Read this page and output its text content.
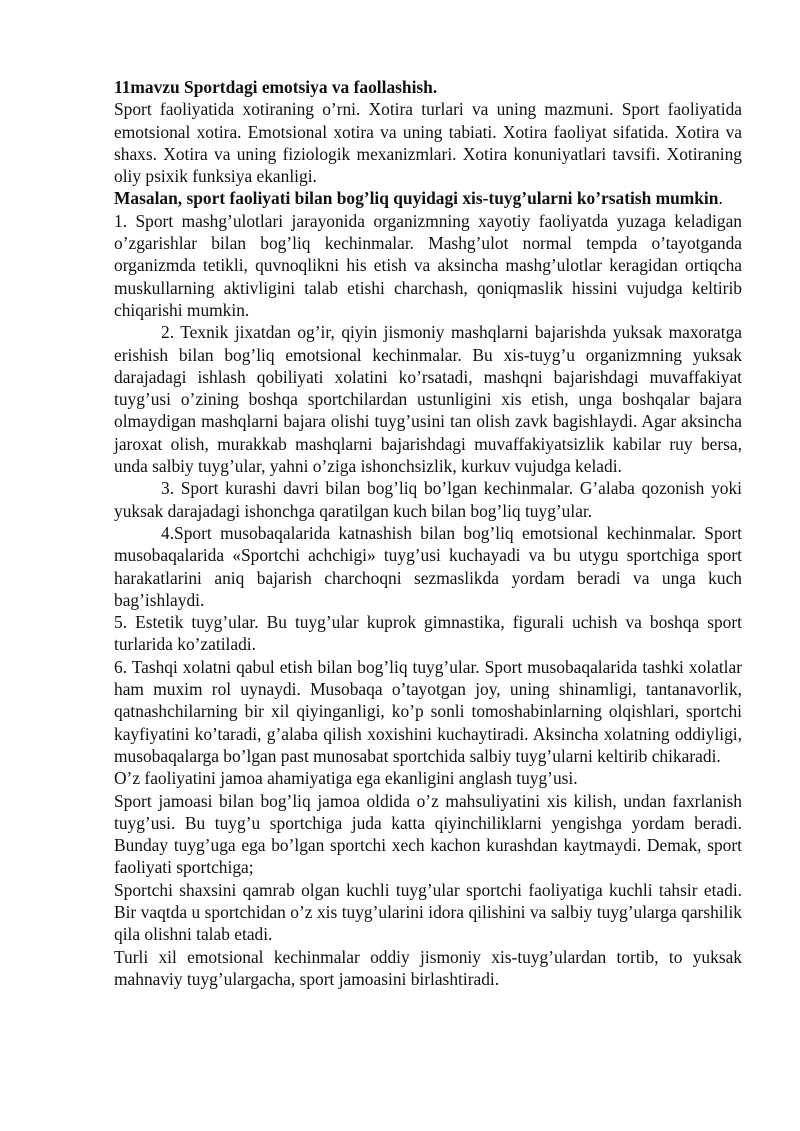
11mavzu Sportdagi emotsiya va faollashish.

Sport faoliyatida xotiraning o’rni. Xotira turlari va uning mazmuni. Sport faoliyatida emotsional xotira. Emotsional xotira va uning tabiati. Xotira faoliyat sifatida. Xotira va shaxs. Xotira va uning fiziologik mexanizmlari. Xotira konuniyatlari tavsifi. Xotiraning oliy psixik funksiya ekanligi.

Masalan, sport faoliyati bilan bog’liq quyidagi xis-tuyg’ularni ko’rsatish mumkin.

1. Sport mashg’ulotlari jarayonida organizmning xayotiy faoliyatda yuzaga keladigan o’zgarishlar bilan bog’liq kechinmalar. Mashg’ulot normal tempda o’tayotganda organizmda tetikli, quvnoqlikni his etish va aksincha mashg’ulotlar keragidan ortiqcha muskullarning aktivligini talab etishi charchash, qoniqmaslik hissini vujudga keltirib chiqarishi mumkin.

2. Texnik jixatdan og’ir, qiyin jismoniy mashqlarni bajarishda yuksak maxoratga erishish bilan bog’liq emotsional kechinmalar. Bu xis-tuyg’u organizmning yuksak darajadagi ishlash qobiliyati xolatini ko’rsatadi, mashqni bajarishdagi muvaffakiyat tuyg’usi o’zining boshqa sportchilardan ustunligini xis etish, unga boshqalar bajara olmaydigan mashqlarni bajara olishi tuyg’usini tan olish zavk bagishlaydi. Agar aksincha jaroxat olish, murakkab mashqlarni bajarishdagi muvaffakiyatsizlik kabilar ruy bersa, unda salbiy tuyg’ular, yahni o’ziga ishonchsizlik, kurkuv vujudga keladi.

3. Sport kurashi davri bilan bog’liq bo’lgan kechinmalar. G’alaba qozonish yoki yuksak darajadagi ishonchga qaratilgan kuch bilan bog’liq tuyg’ular.

4.Sport musobaqalarida katnashish bilan bog’liq emotsional kechinmalar. Sport musobaqalarida «Sportchi achchigi» tuyg’usi kuchayadi va bu utygu sportchiga sport harakatlarini aniq bajarish charchoqni sezmaslikda yordam beradi va unga kuch bag’ishlaydi.

5. Estetik tuyg’ular. Bu tuyg’ular kuprok gimnastika, figurali uchish va boshqa sport turlarida ko’zatiladi.

6. Tashqi xolatni qabul etish bilan bog’liq tuyg’ular. Sport musobaqalarida tashki xolatlar ham muxim rol uynaydi. Musobaqa o’tayotgan joy, uning shinamligi, tantanavorlik, qatnashchilarning bir xil qiyinganligi, ko’p sonli tomoshabinlarning olqishlari, sportchi kayfiyatini ko’taradi, g’alaba qilish xoxishini kuchaytiradi. Aksincha xolatning oddiyligi, musobaqalarga bo’lgan past munosabat sportchida salbiy tuyg’ularni keltirib chikaradi.

O’z faoliyatini jamoa ahamiyatiga ega ekanligini anglash tuyg’usi.

Sport jamoasi bilan bog’liq jamoa oldida o’z mahsuliyatini xis kilish, undan faxrlanish tuyg’usi. Bu tuyg’u sportchiga juda katta qiyinchiliklarni yengishga yordam beradi. Bunday tuyg’uga ega bo’lgan sportchi xech kachon kurashdan kaytmaydi. Demak, sport faoliyati sportchiga;

Sportchi shaxsini qamrab olgan kuchli tuyg’ular sportchi faoliyatiga kuchli tahsir etadi. Bir vaqtda u sportchidan o’z xis tuyg’ularini idora qilishini va salbiy tuyg’ularga qarshilik qila olishni talab etadi.

Turli xil emotsional kechinmalar oddiy jismoniy xis-tuyg’ulardan tortib, to yuksak mahnaviy tuyg’ulargacha, sport jamoasini birlashtiradi.
